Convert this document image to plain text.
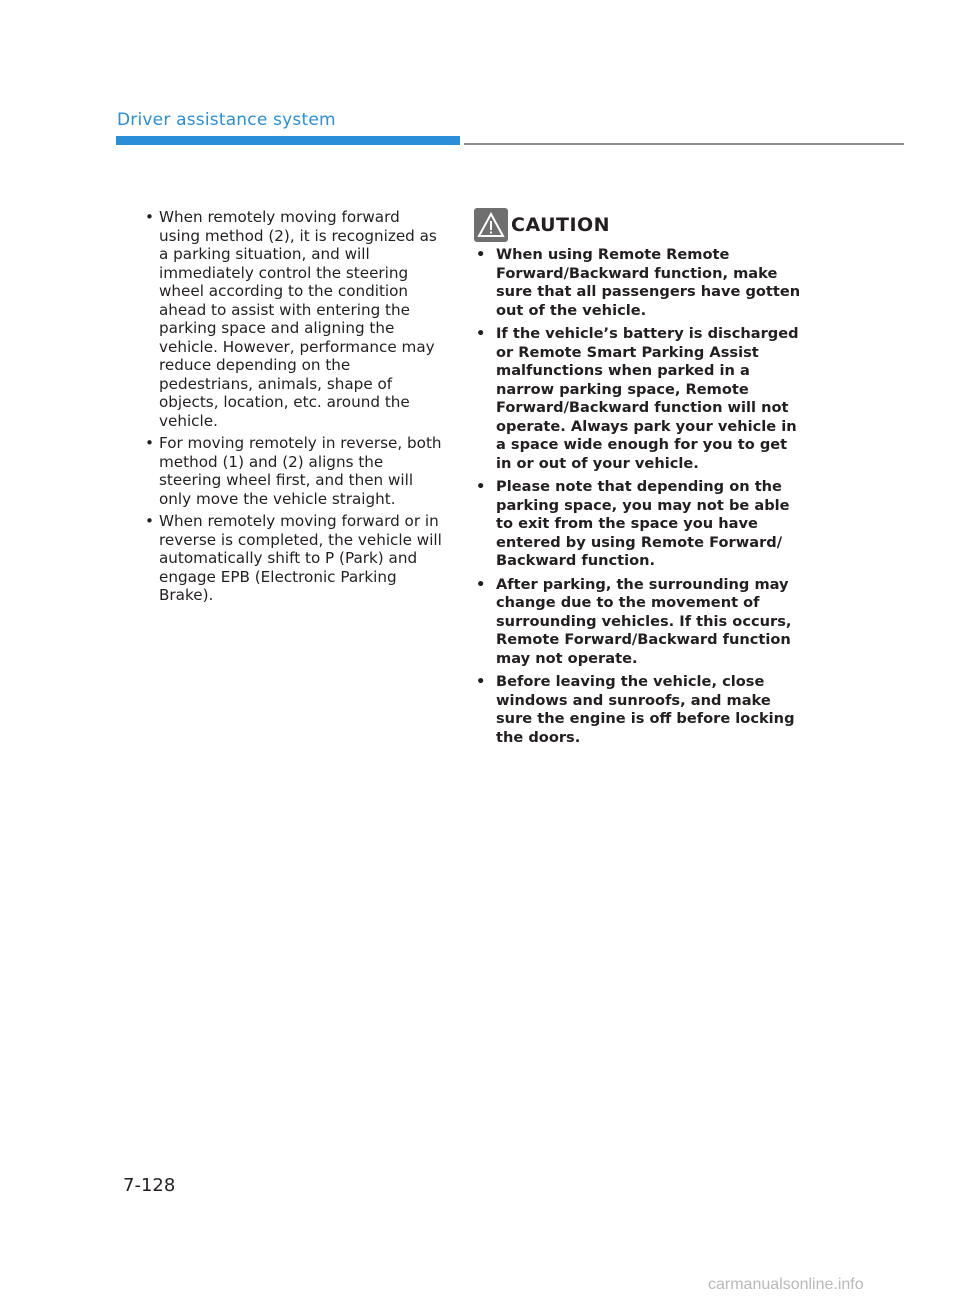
Driver assistance system
• When remotely moving forward using method (2), it is recognized as a parking situation, and will immediately control the steering wheel according to the condition ahead to assist with entering the parking space and aligning the vehicle. However, performance may reduce depending on the pedestrians, animals, shape of objects, location, etc. around the vehicle.
• For moving remotely in reverse, both method (1) and (2) aligns the steering wheel first, and then will only move the vehicle straight.
• When remotely moving forward or in reverse is completed, the vehicle will automatically shift to P (Park) and engage EPB (Electronic Parking Brake).
CAUTION
• When using Remote Remote Forward/Backward function, make sure that all passengers have gotten out of the vehicle.
• If the vehicle’s battery is discharged or Remote Smart Parking Assist malfunctions when parked in a narrow parking space, Remote Forward/Backward function will not operate. Always park your vehicle in a space wide enough for you to get in or out of your vehicle.
• Please note that depending on the parking space, you may not be able to exit from the space you have entered by using Remote Forward/ Backward function.
• After parking, the surrounding may change due to the movement of surrounding vehicles. If this occurs, Remote Forward/Backward function may not operate.
• Before leaving the vehicle, close windows and sunroofs, and make sure the engine is off before locking the doors.
7-128
carmanualsonline.info
